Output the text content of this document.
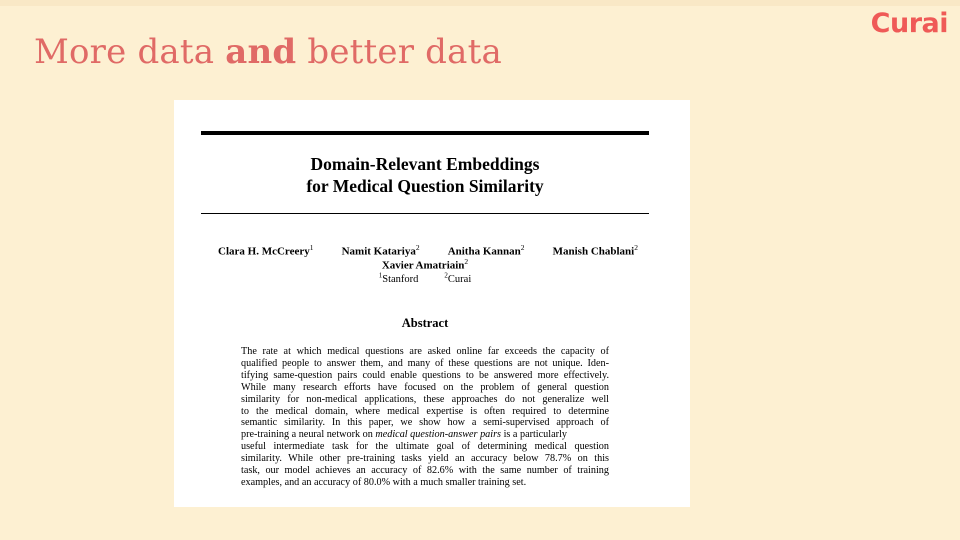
More data and better data
Curai
Domain-Relevant Embeddings
for Medical Question Similarity
Clara H. McCreery$^1$	Namit Katariya$^2$	Anitha Kannan$^2$	Manish Chablani$^2$
Xavier Amatriain$^2$
$^1$Stanford	$^2$Curai
Abstract
The rate at which medical questions are asked online far exceeds the capacity of
qualified people to answer them, and many of these questions are not unique. Iden-
tifying same-question pairs could enable questions to be answered more effectively.
While many research efforts have focused on the problem of general question
similarity for non-medical applications, these approaches do not generalize well
to the medical domain, where medical expertise is often required to determine
semantic similarity. In this paper, we show how a semi-supervised approach of
pre-training a neural network on medical question-answer pairs is a particularly
useful intermediate task for the ultimate goal of determining medical question
similarity. While other pre-training tasks yield an accuracy below 78.7% on this
task, our model achieves an accuracy of 82.6% with the same number of training
examples, and an accuracy of 80.0% with a much smaller training set.
